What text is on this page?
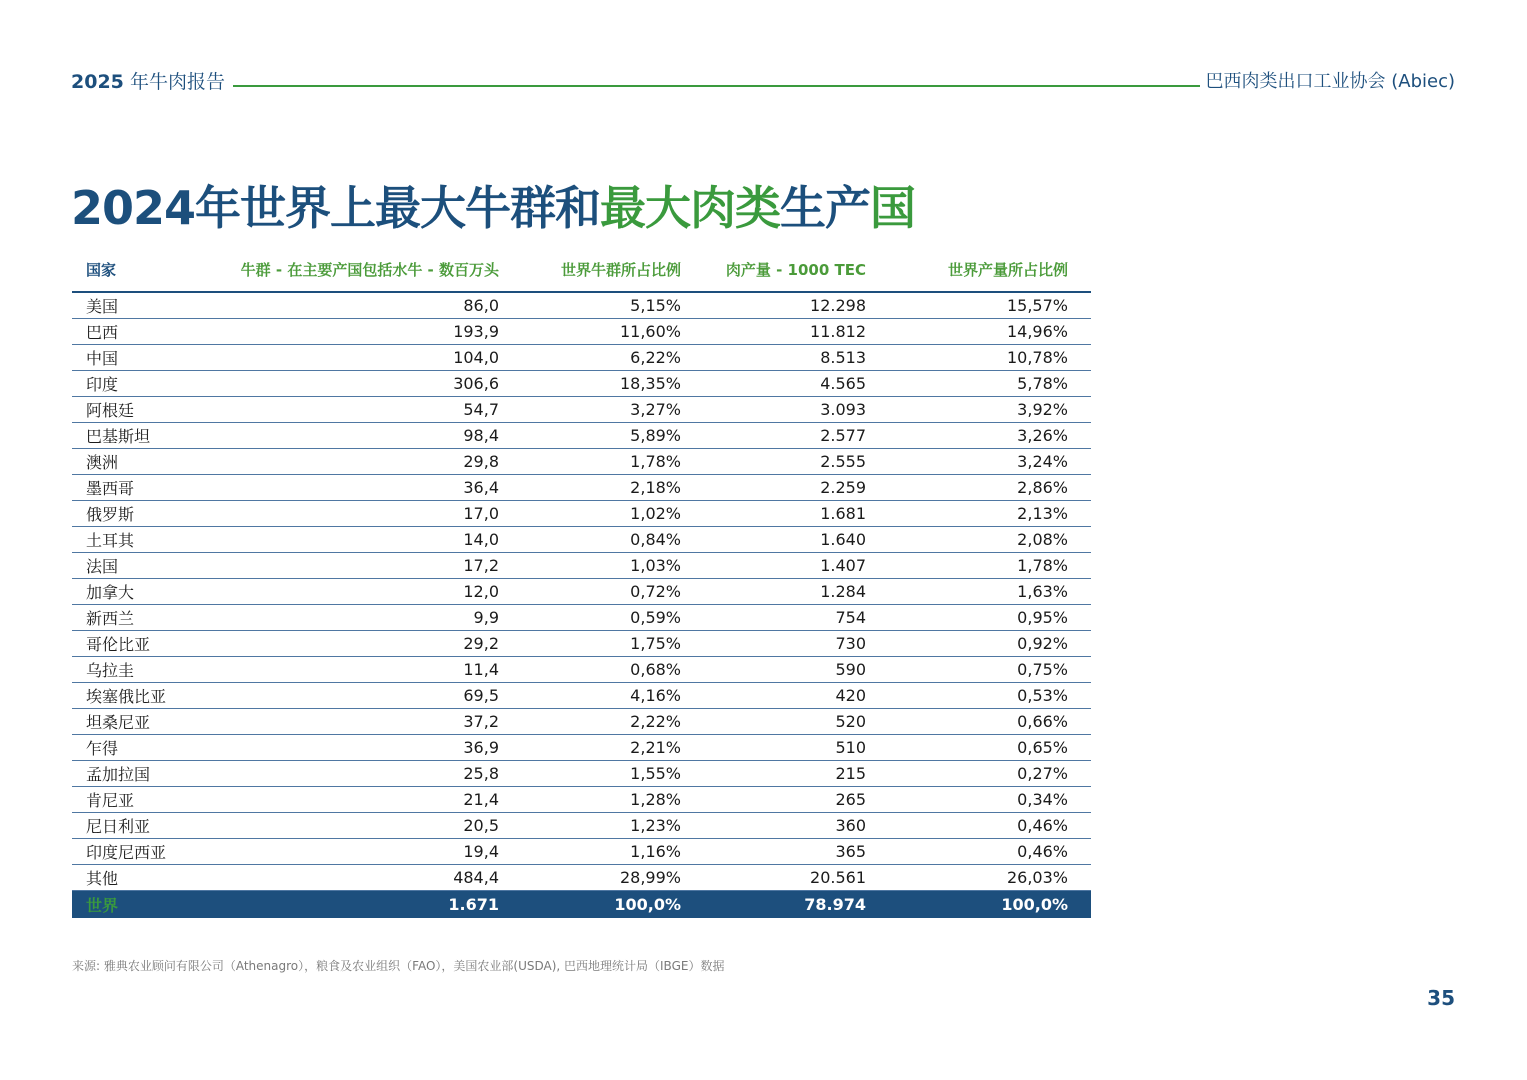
2025 年牛肉报告	巴西肉类出口工业协会 (Abiec)
2024年世界上最大牛群和最大肉类生产国
国家	牛群 - 在主要产国包括水牛 - 数百万头	世界牛群所占比例	肉产量 - 1000 TEC	世界产量所占比例
美国	86,0	5,15%	12.298	15,57%
巴西	193,9	11,60%	11.812	14,96%
中国	104,0	6,22%	8.513	10,78%
印度	306,6	18,35%	4.565	5,78%
阿根廷	54,7	3,27%	3.093	3,92%
巴基斯坦	98,4	5,89%	2.577	3,26%
澳洲	29,8	1,78%	2.555	3,24%
墨西哥	36,4	2,18%	2.259	2,86%
俄罗斯	17,0	1,02%	1.681	2,13%
土耳其	14,0	0,84%	1.640	2,08%
法国	17,2	1,03%	1.407	1,78%
加拿大	12,0	0,72%	1.284	1,63%
新西兰	9,9	0,59%	754	0,95%
哥伦比亚	29,2	1,75%	730	0,92%
乌拉圭	11,4	0,68%	590	0,75%
埃塞俄比亚	69,5	4,16%	420	0,53%
坦桑尼亚	37,2	2,22%	520	0,66%
乍得	36,9	2,21%	510	0,65%
孟加拉国	25,8	1,55%	215	0,27%
肯尼亚	21,4	1,28%	265	0,34%
尼日利亚	20,5	1,23%	360	0,46%
印度尼西亚	19,4	1,16%	365	0,46%
其他	484,4	28,99%	20.561	26,03%
世界	1.671	100,0%	78.974	100,0%
来源: 雅典农业顾问有限公司（Athenagro），粮食及农业组织（FAO），美国农业部(USDA), 巴西地理统计局（IBGE）数据
35
